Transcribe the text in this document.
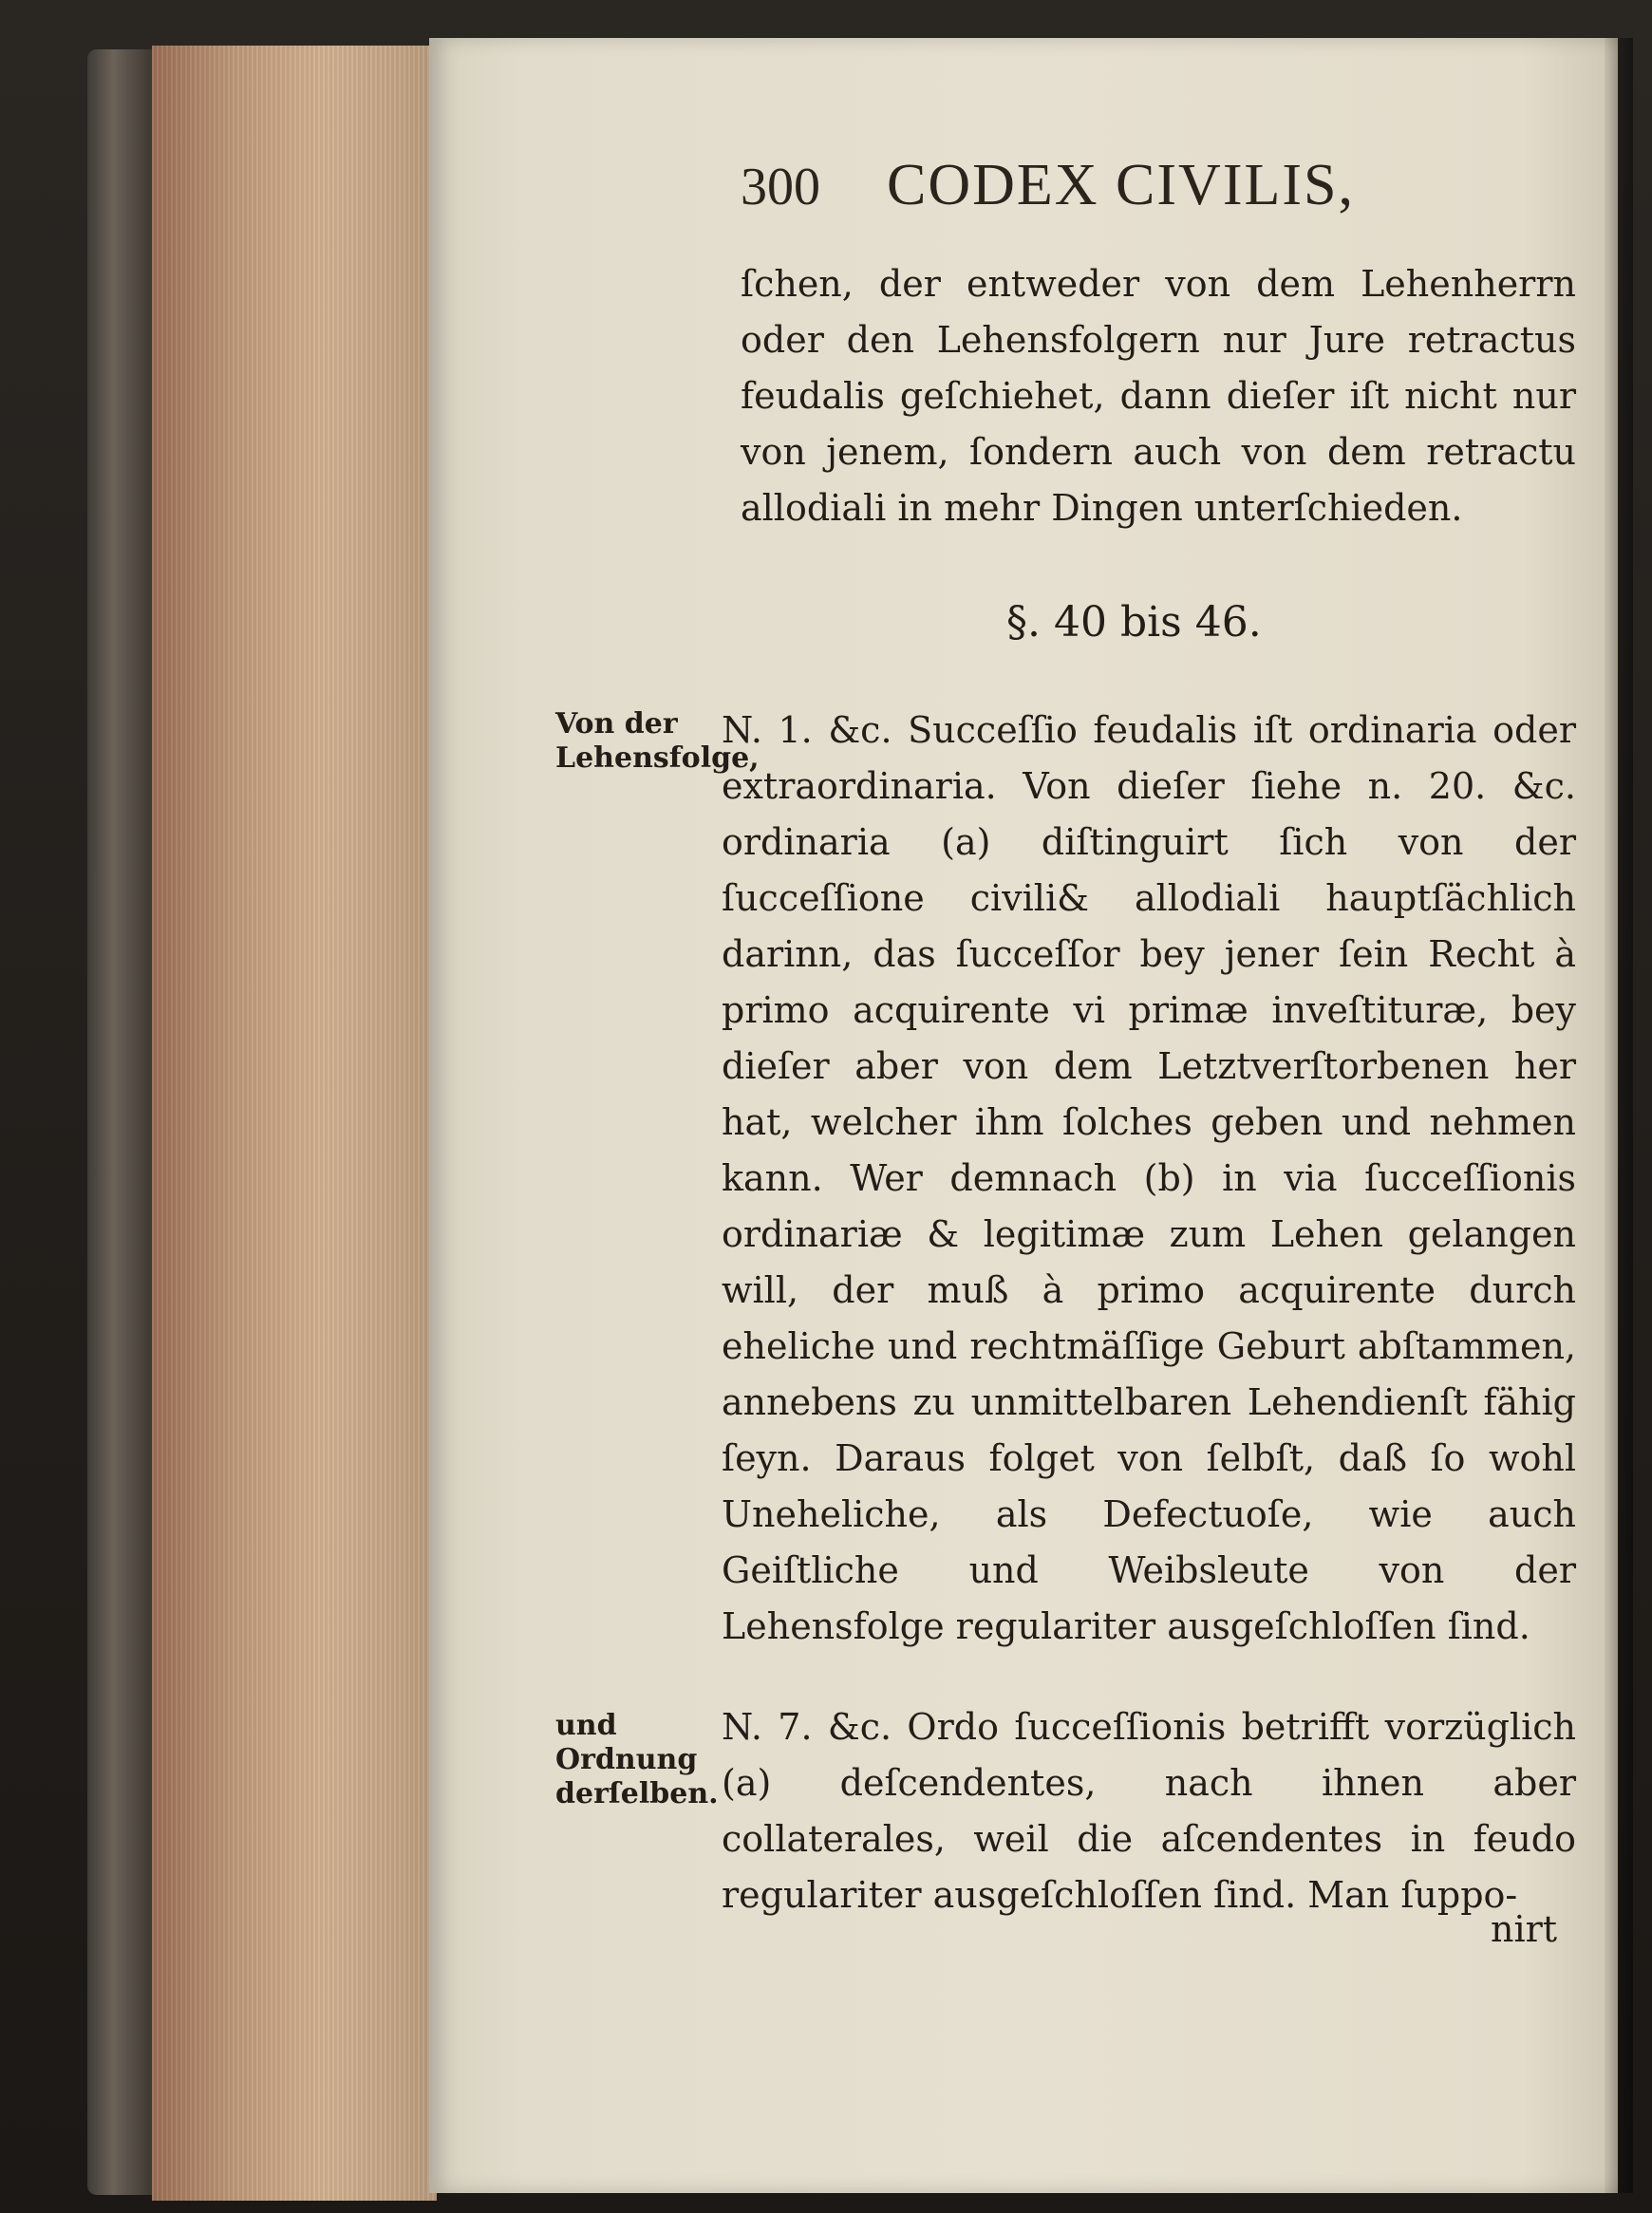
300 CODEX CIVILIS,

ſchen, der entweder von dem Lehenherrn oder den Lehensfolgern nur Jure retractus feudalis geſchiehet, dann dieſer iſt nicht nur von jenem, ſondern auch von dem retractu allodiali in mehr Dingen unterſchieden.

§. 40 bis 46.
Von der Lehensfolge,

N. 1. &c. Succeſſio feudalis iſt ordinaria oder extraordinaria. Von dieſer ſiehe n. 20. &c. ordinaria (a) diſtinguirt ſich von der ſucceſſione civili& allodiali hauptſächlich darinn, das ſucceſſor bey jener ſein Recht à primo acquirente vi primæ inveſtituræ, bey dieſer aber von dem Letztverſtorbenen her hat, welcher ihm ſolches geben und nehmen kann. Wer demnach (b) in via ſucceſſionis ordinariæ & legitimæ zum Lehen gelangen will, der muß à primo acquirente durch eheliche und rechtmäſſige Geburt abſtammen, annebens zu unmittelbaren Lehendienſt fähig ſeyn. Daraus folget von ſelbſt, daß ſo wohl Uneheliche, als Defectuoſe, wie auch Geiſtliche und Weibsleute von der Lehensfolge regulariter ausgeſchloſſen ſind.

und Ordnung derſelben.

N. 7. &c. Ordo ſucceſſionis betrifft vorzüglich (a) deſcendentes, nach ihnen aber collaterales, weil die aſcendentes in feudo regulariter ausgeſchloſſen ſind. Man ſuppo-

nirt
